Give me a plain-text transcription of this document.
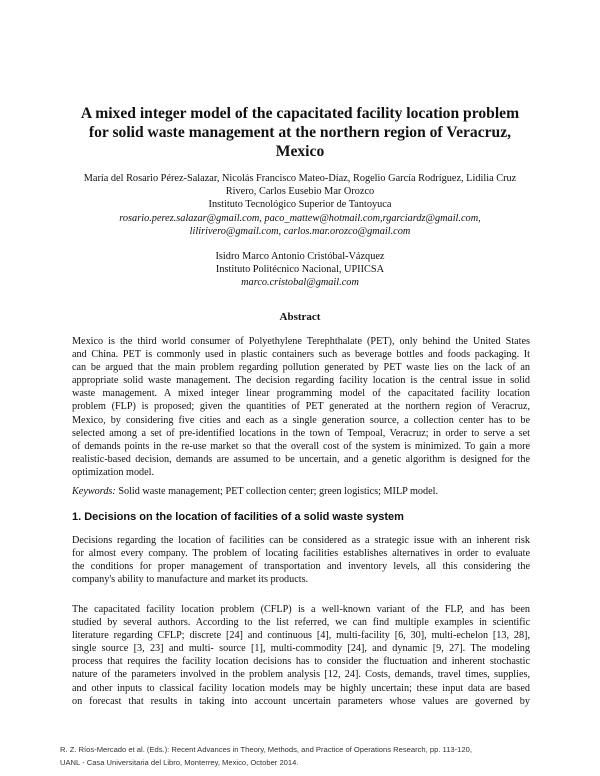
A mixed integer model of the capacitated facility location problem
for solid waste management at the northern region of Veracruz,
Mexico
María del Rosario Pérez-Salazar, Nicolás Francisco Mateo-Díaz, Rogelio García Rodríguez, Lidilia Cruz
Rivero, Carlos Eusebio Mar Orozco
Instituto Tecnológico Superior de Tantoyuca
rosario.perez.salazar@gmail.com, paco_mattew@hotmail.com,rgarciardz@gmail.com,
lilirivero@gmail.com, carlos.mar.orozco@gmail.com
Isidro Marco Antonio Cristóbal-Vázquez
Instituto Politécnico Nacional, UPIICSA
marco.cristobal@gmail.com
Abstract
Mexico is the third world consumer of Polyethylene Terephthalate (PET), only behind the United States
and China. PET is commonly used in plastic containers such as beverage bottles and foods packaging. It
can be argued that the main problem regarding pollution generated by PET waste lies on the lack of an
appropriate solid waste management. The decision regarding facility location is the central issue in solid
waste management. A mixed integer linear programming model of the capacitated facility location
problem (FLP) is proposed; given the quantities of PET generated at the northern region of Veracruz,
Mexico, by considering five cities and each as a single generation source, a collection center has to be
selected among a set of pre-identified locations in the town of Tempoal, Veracruz; in order to serve a set
of demands points in the re-use market so that the overall cost of the system is minimized. To gain a more
realistic-based decision, demands are assumed to be uncertain, and a genetic algorithm is designed for the
optimization model.
Keywords: Solid waste management; PET collection center; green logistics; MILP model.
1. Decisions on the location of facilities of a solid waste system
Decisions regarding the location of facilities can be considered as a strategic issue with an inherent risk
for almost every company. The problem of locating facilities establishes alternatives in order to evaluate
the conditions for proper management of transportation and inventory levels, all this considering the
company's ability to manufacture and market its products.
The capacitated facility location problem (CFLP) is a well-known variant of the FLP, and has been
studied by several authors. According to the list referred, we can find multiple examples in scientific
literature regarding CFLP; discrete [24] and continuous [4], multi-facility [6, 30], multi-echelon [13, 28],
single source [3, 23] and multi- source [1], multi-commodity [24], and dynamic [9, 27]. The modeling
process that requires the facility location decisions has to consider the fluctuation and inherent stochastic
nature of the parameters involved in the problem analysis [12, 24]. Costs, demands, travel times, supplies,
and other inputs to classical facility location models may be highly uncertain; these input data are based
on forecast that results in taking into account uncertain parameters whose values are governed by
R. Z. Ríos-Mercado et al. (Eds.): Recent Advances in Theory, Methods, and Practice of Operations Research, pp. 113-120,
UANL - Casa Universitaria del Libro, Monterrey, Mexico, October 2014.
